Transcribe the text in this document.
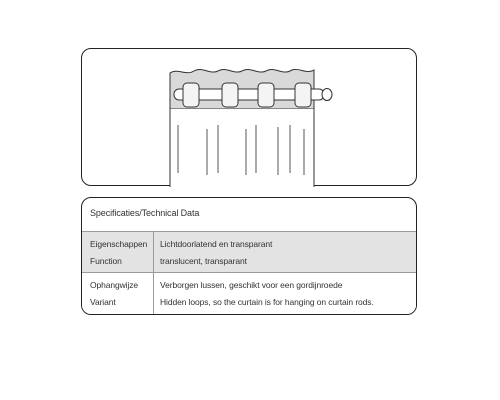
Specificaties/Technical Data
Eigenschappen
Function
Lichtdoorlatend en transparant
translucent, transparant
Ophangwijze
Variant
Verborgen lussen, geschikt voor een gordijnroede
Hidden loops, so the curtain is for hanging on curtain rods.
